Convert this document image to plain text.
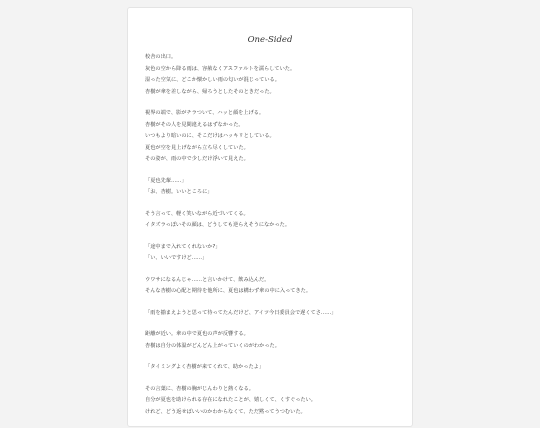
One-Sided
校舎の出口。
灰色の空から降る雨は、容赦なくアスファルトを濡らしていた。
湿った空気に、どこか懐かしい雨の匂いが混じっている。
杏樹が傘を差しながら、帰ろうとしたそのときだった。
視界の端で、影がチラついて、ハッと顔を上げる。
杏樹がその人を見間違えるはずなかった。
いつもより暗いのに、そこだけはハッキリとしている。
夏也が空を見上げながら立ち尽くしていた。
その姿が、雨の中で少しだけ浮いて見えた。
「夏也先輩……」
「お、杏樹。いいところに」
そう言って、軽く笑いながら近づいてくる。
イタズラっぽいその顔は、どうしても逆らえそうになかった。
「途中まで入れてくれないか?」
「い、いいですけど……」
ウワサになるんじゃ……と言いかけて、飲み込んだ。
そんな杏樹の心配と期待を他所に、夏也は構わず傘の中に入ってきた。
「雨を揃まえようと思って待ってたんだけど、アイツ今日委員会で遅くてさ……」
距離が近い。傘の中で夏也の声が反響する。
杏樹は自分の体温がどんどん上がっていくのがわかった。
「タイミングよく杏樹が来てくれて、助かったよ」
その言葉に、杏樹の胸がじんわりと熱くなる。
自分が夏也を助けられる存在になれたことが、嬉しくて、くすぐったい。
けれど、どう返せばいいのかわからなくて、ただ黙ってうつむいた。
